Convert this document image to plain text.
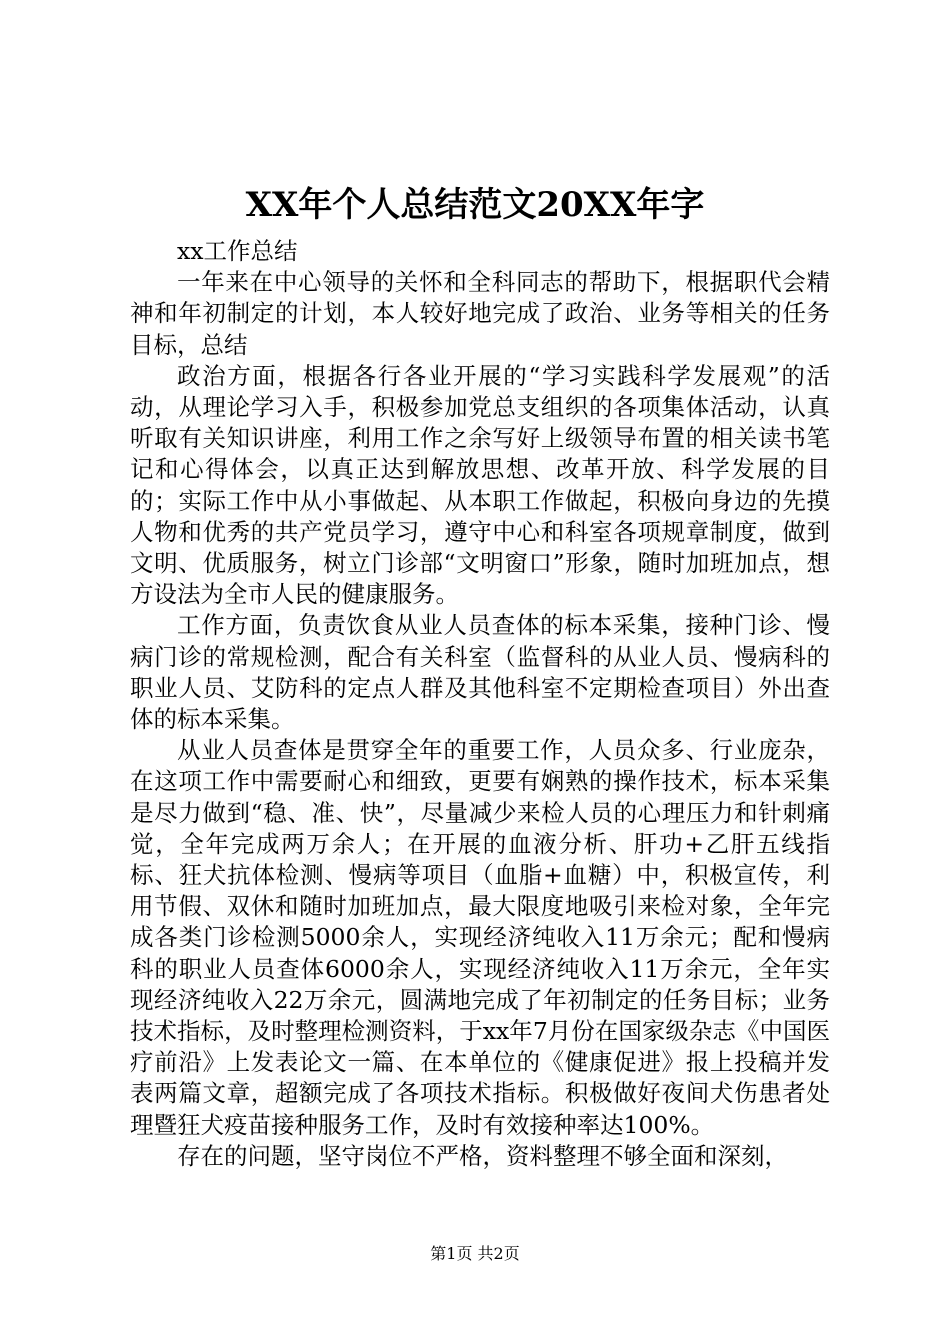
XX年个人总结范文20XX年字

xx工作总结

一年来在中心领导的关怀和全科同志的帮助下，根据职代会精神和年初制定的计划，本人较好地完成了政治、业务等相关的任务目标，总结

政治方面，根据各行各业开展的“学习实践科学发展观”的活动，从理论学习入手，积极参加党总支组织的各项集体活动，认真听取有关知识讲座，利用工作之余写好上级领导布置的相关读书笔记和心得体会，以真正达到解放思想、改革开放、科学发展的目的；实际工作中从小事做起、从本职工作做起，积极向身边的先摸人物和优秀的共产党员学习，遵守中心和科室各项规章制度，做到文明、优质服务，树立门诊部“文明窗口”形象，随时加班加点，想方设法为全市人民的健康服务。

工作方面，负责饮食从业人员查体的标本采集，接种门诊、慢病门诊的常规检测，配合有关科室（监督科的从业人员、慢病科的职业人员、艾防科的定点人群及其他科室不定期检查项目）外出查体的标本采集。

从业人员查体是贯穿全年的重要工作，人员众多、行业庞杂，在这项工作中需要耐心和细致，更要有娴熟的操作技术，标本采集是尽力做到“稳、准、快”，尽量减少来检人员的心理压力和针刺痛觉，全年完成两万余人；在开展的血液分析、肝功+乙肝五线指标、狂犬抗体检测、慢病等项目（血脂+血糖）中，积极宣传，利用节假、双休和随时加班加点，最大限度地吸引来检对象，全年完成各类门诊检测5000余人，实现经济纯收入11万余元；配和慢病科的职业人员查体6000余人，实现经济纯收入11万余元，全年实现经济纯收入22万余元，圆满地完成了年初制定的任务目标；业务技术指标，及时整理检测资料，于xx年7月份在国家级杂志《中国医疗前沿》上发表论文一篇、在本单位的《健康促进》报上投稿并发表两篇文章，超额完成了各项技术指标。积极做好夜间犬伤患者处理暨狂犬疫苗接种服务工作，及时有效接种率达100%。

存在的问题，坚守岗位不严格，资料整理不够全面和深刻，

第1页 共2页
